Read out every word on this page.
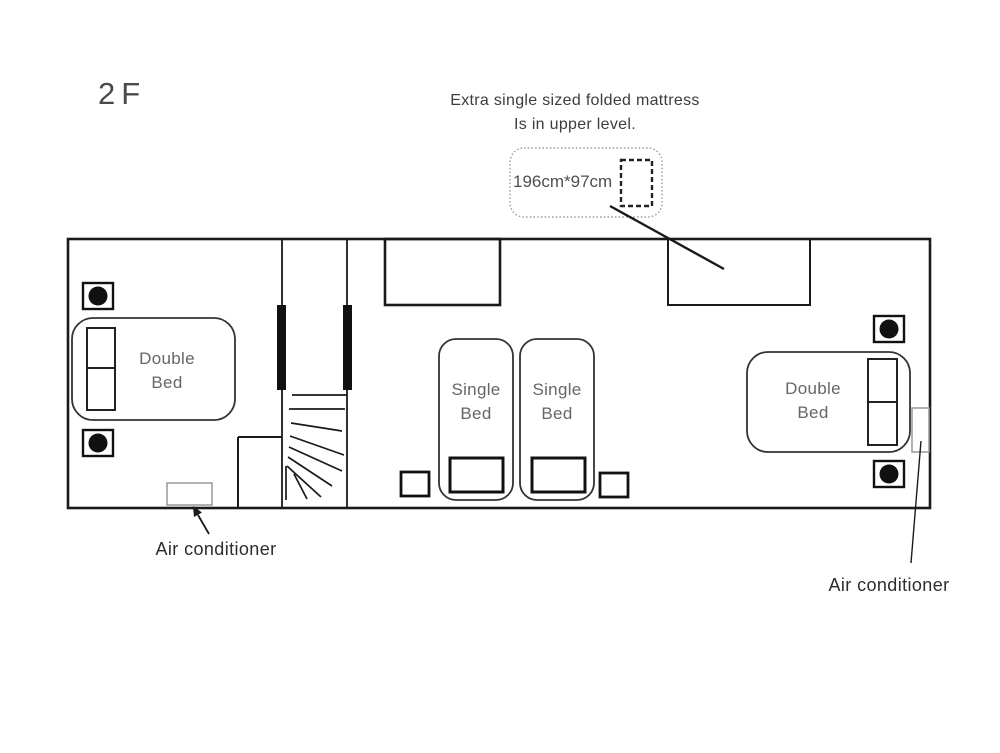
2F	Extra single sized folded mattress
Is in upper level.
196cm*97cm
Double
Bed	Single
Bed
Single
Bed
Double
Bed
Air conditioner
Air conditioner
